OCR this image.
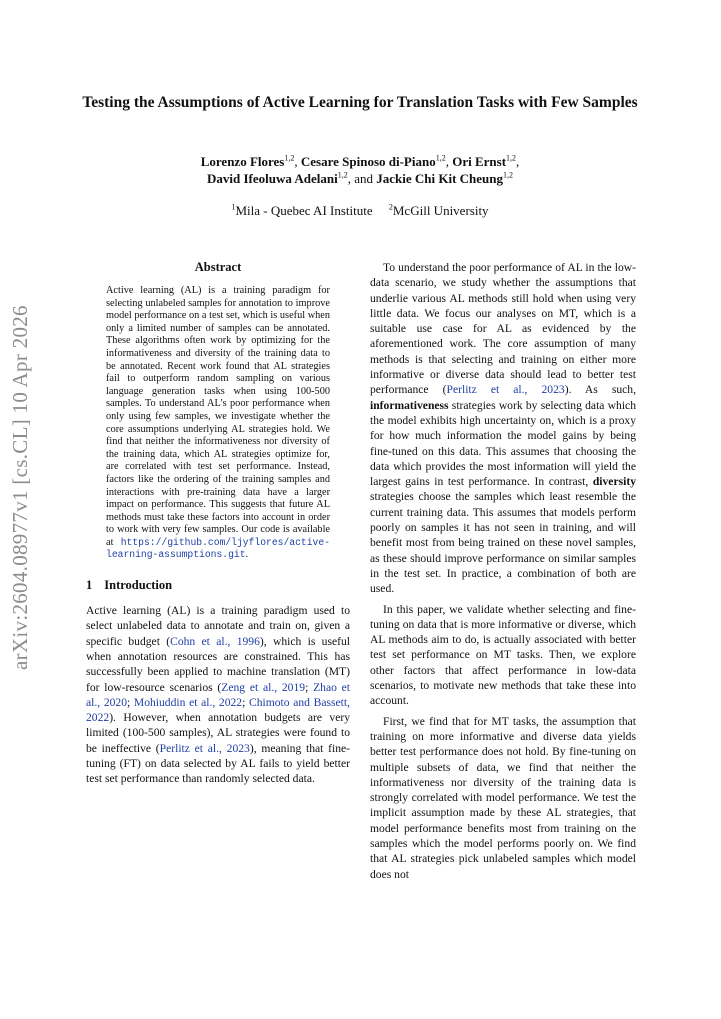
Testing the Assumptions of Active Learning for Translation Tasks with Few Samples
Lorenzo Flores$^{1,2}$, Cesare Spinoso di-Piano$^{1,2}$, Ori Ernst$^{1,2}$,
David Ifeoluwa Adelani$^{1,2}$, and Jackie Chi Kit Cheung$^{1,2}$
$^1$Mila - Quebec AI Institute $^2$McGill University
arXiv:2604.08977v1 [cs.CL] 10 Apr 2026
Abstract
Active learning (AL) is a training paradigm for selecting unlabeled samples for annotation to improve model performance on a test set, which is useful when only a limited number of samples can be annotated. These algorithms often work by optimizing for the informativeness and diversity of the training data to be annotated. Recent work found that AL strategies fail to outperform random sampling on various language generation tasks when using 100-500 samples. To understand AL's poor performance when only using few samples, we investigate whether the core assumptions underlying AL strategies hold. We find that neither the informativeness nor diversity of the training data, which AL strategies optimize for, are correlated with test set performance. Instead, factors like the ordering of the training samples and interactions with pre-training data have a larger impact on performance. This suggests that future AL methods must take these factors into account in order to work with very few samples. Our code is available at https://github.com/ljyflores/active-learning-assumptions.git.
1 Introduction

Active learning (AL) is a training paradigm used to select unlabeled data to annotate and train on, given a specific budget (Cohn et al., 1996), which is useful when annotation resources are constrained. This has successfully been applied to machine translation (MT) for low-resource scenarios (Zeng et al., 2019; Zhao et al., 2020; Mohiuddin et al., 2022; Chimoto and Bassett, 2022). However, when annotation budgets are very limited (100-500 samples), AL strategies were found to be ineffective (Perlitz et al., 2023), meaning that fine-tuning (FT) on data selected by AL fails to yield better test set performance than randomly selected data.

To understand the poor performance of AL in the low-data scenario, we study whether the assumptions that underlie various AL methods still hold when using very little data. We focus our analyses on MT, which is a suitable use case for AL as evidenced by the aforementioned work. The core assumption of many methods is that selecting and training on either more informative or diverse data should lead to better test performance (Perlitz et al., 2023). As such, informativeness strategies work by selecting data which the model exhibits high uncertainty on, which is a proxy for how much information the model gains by being fine-tuned on this data. This assumes that choosing the data which provides the most information will yield the largest gains in test performance. In contrast, diversity strategies choose the samples which least resemble the current training data. This assumes that models perform poorly on samples it has not seen in training, and will benefit most from being trained on these novel samples, as these should improve performance on similar samples in the test set. In practice, a combination of both are used.

In this paper, we validate whether selecting and fine-tuning on data that is more informative or diverse, which AL methods aim to do, is actually associated with better test set performance on MT tasks. Then, we explore other factors that affect performance in low-data scenarios, to motivate new methods that take these into account.

First, we find that for MT tasks, the assumption that training on more informative and diverse data yields better test performance does not hold. By fine-tuning on multiple subsets of data, we find that neither the informativeness nor diversity of the training data is strongly correlated with model performance. We test the implicit assumption made by these AL strategies, that model performance benefits most from training on the samples which the model performs poorly on. We find that AL strategies pick unlabeled samples which model does not
